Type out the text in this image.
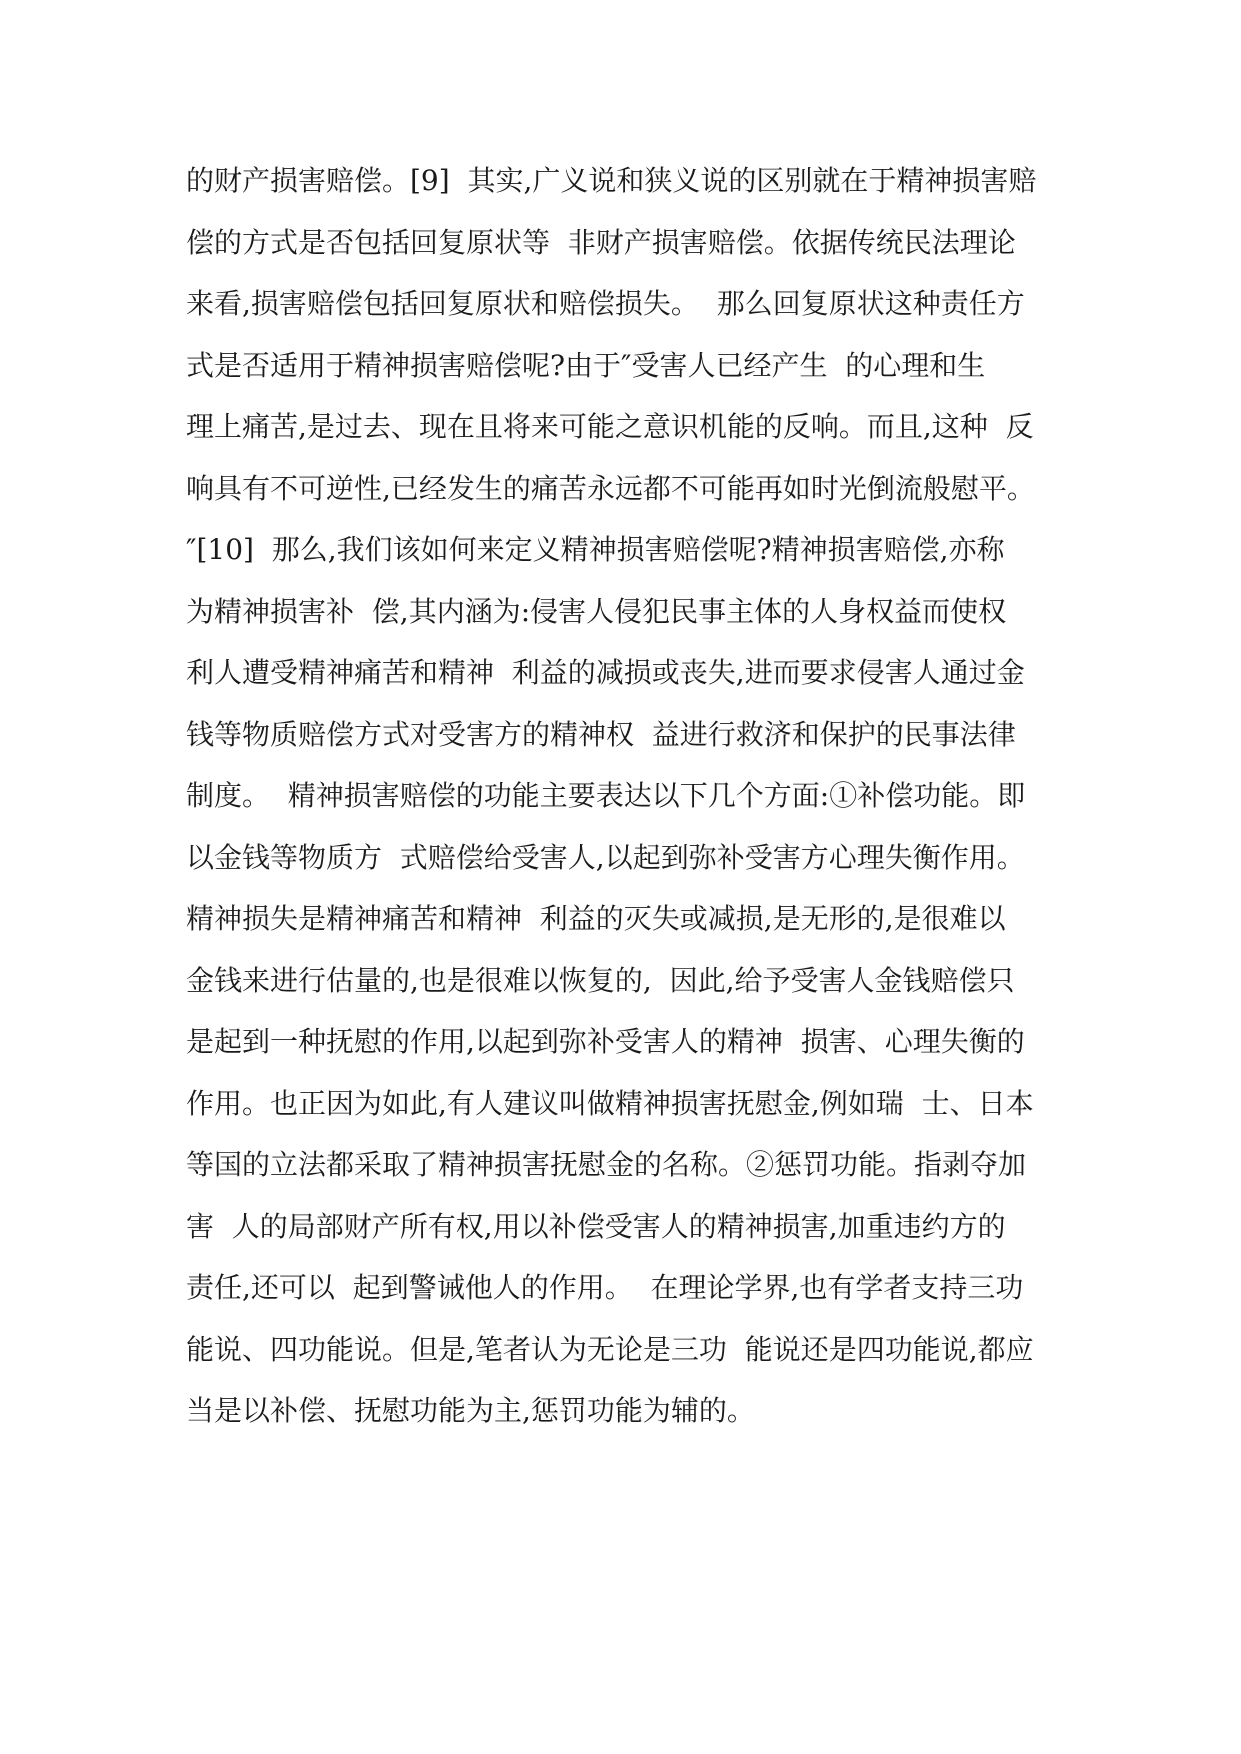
的财产损害赔偿。[9]  其实,广义说和狭义说的区别就在于精神损害赔
偿的方式是否包括回复原状等  非财产损害赔偿。依据传统民法理论
来看,损害赔偿包括回复原状和赔偿损失。  那么回复原状这种责任方
式是否适用于精神损害赔偿呢?由于″受害人已经产生  的心理和生
理上痛苦,是过去、现在且将来可能之意识机能的反响。而且,这种  反
响具有不可逆性,已经发生的痛苦永远都不可能再如时光倒流般慰平。
″[10]  那么,我们该如何来定义精神损害赔偿呢?精神损害赔偿,亦称
为精神损害补  偿,其内涵为:侵害人侵犯民事主体的人身权益而使权
利人遭受精神痛苦和精神  利益的减损或丧失,进而要求侵害人通过金
钱等物质赔偿方式对受害方的精神权  益进行救济和保护的民事法律
制度。  精神损害赔偿的功能主要表达以下几个方面:①补偿功能。即
以金钱等物质方  式赔偿给受害人,以起到弥补受害方心理失衡作用。
精神损失是精神痛苦和精神  利益的灭失或减损,是无形的,是很难以
金钱来进行估量的,也是很难以恢复的,  因此,给予受害人金钱赔偿只
是起到一种抚慰的作用,以起到弥补受害人的精神  损害、心理失衡的
作用。也正因为如此,有人建议叫做精神损害抚慰金,例如瑞  士、日本
等国的立法都采取了精神损害抚慰金的名称。②惩罚功能。指剥夺加
害  人的局部财产所有权,用以补偿受害人的精神损害,加重违约方的
责任,还可以  起到警诫他人的作用。  在理论学界,也有学者支持三功
能说、四功能说。但是,笔者认为无论是三功  能说还是四功能说,都应
当是以补偿、抚慰功能为主,惩罚功能为辅的。
